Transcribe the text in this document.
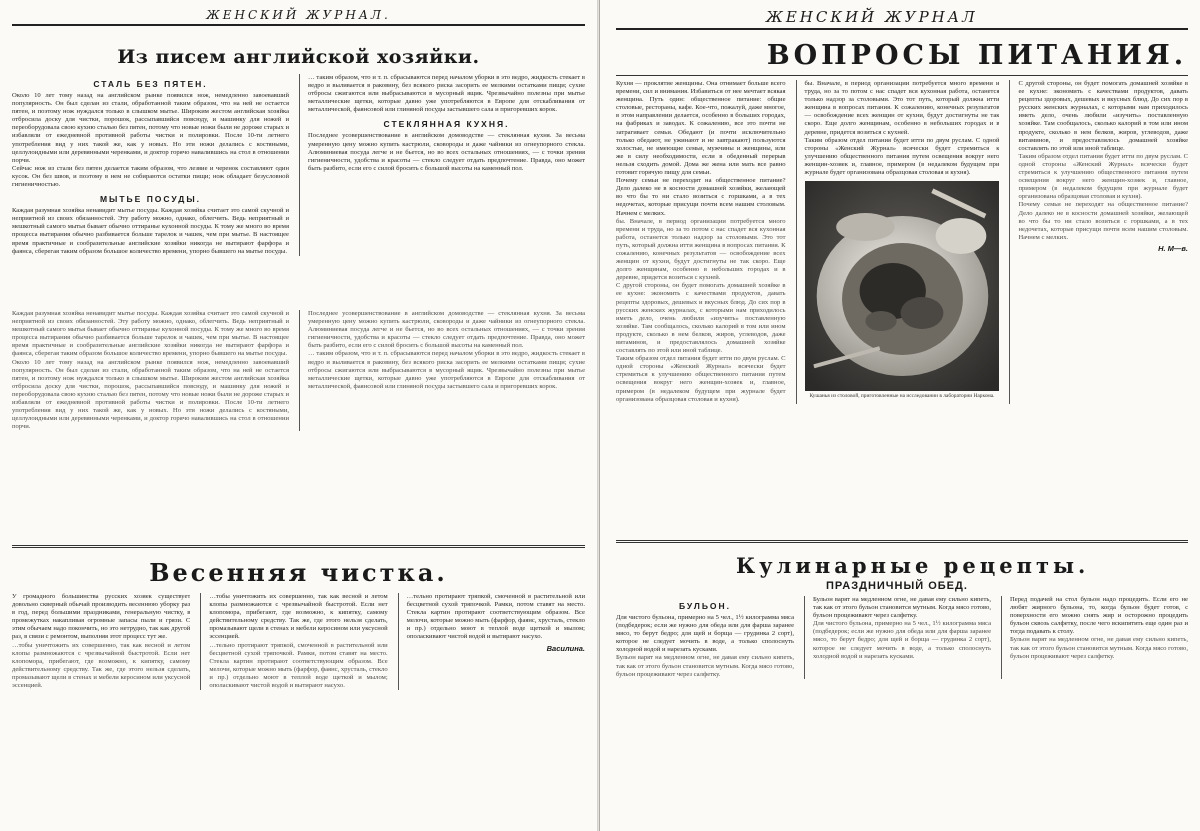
ЖЕНСКИЙ ЖУРНАЛ.
Из писем английской хозяйки.
СТАЛЬ БЕЗ ПЯТЕН.

Около 10 лет тому назад на английском рынке появился нож, немедленно завоевавший популярность. Он был сделан из стали, обработанной таким образом, что на ней не остается пятен, и поэтому нож нуждался только в слышком мытье. Широким жестом английская хозяйка отбросила доску для чистки, порошок, рассыпавшийся повсюду, и машинку для ножей и переоборудовала свою кухню сталью без пятен, потому что новые ножи были не дороже старых и избавляли от ежедневной противной работы чистки и полировки. После 10-ти летнего употребления вид у них такой же, как у новых. Но эти ножи делались с костяными, целлулоидными или деревянными черенками, и доктор горячо навалившись на стол в отношении порчи.

Сейчас нож из стали без пятен делается таким образом, что лезвие и черенок составляют один кусок. Он без швов, и поэтому в нем не собираются остатки пищи; нож обладает безусловной гигиеничностью.

МЫТЬЕ ПОСУДЫ.

Каждая разумная хозяйка ненавидит мытье посуды. Каждая хозяйка считает это самой скучной и неприятной из своих обязанностей. Эту работу можно, однако, облегчить. Ведь неприятный и мешкотный самого мытья бывает обычно оттиранье кухонной посуды. К тому же много во время процесса вытирания обычно разбивается больше тарелок и чашек, чем при мытье. В настоящее время практичные и сообразительные английские хозяйки никогда не вытирают фарфора и фаянса, сберегая таким образом большое количество времени, упорно бывшего на мытье посуды.

… таким образом, что и т. п. сбрасываются перед началом уборки в это ведро, жидкость стекает в ведро и выливается в раковину, без всякого риска засорить ее мелкими остатками пищи; сухие отбросы сжигаются или выбрасываются в мусорный ящик. Чрезвычайно полезны при мытье металлические щетки, которые давно уже употребляются в Европе для отскабливания от металлической, фаянсовой или глиняной посуды застывшего сала и пригоревших корок.

СТЕКЛЯННАЯ КУХНЯ.

Последнее усовершенствование в английском домоводстве — стеклянная кухня. За весьма умеренную цену можно купить кастрюли, сковороды и даже чайники из огнеупорного стекла. Алюминиевая посуда легче и не бьется, но во всех остальных отношениях, — с точки зрения гигиеничности, удобства и красоты — стекло следует отдать предпочтение. Правда, оно может быть разбито, если его с силой бросить с большой высоты на каменный пол.

Каждая разумная хозяйка ненавидит мытье посуды. Каждая хозяйка считает это самой скучной и неприятной из своих обязанностей. Эту работу можно, однако, облегчить. Ведь неприятный и мешкотный самого мытья бывает обычно оттиранье кухонной посуды. К тому же много во время процесса вытирания обычно разбивается больше тарелок и чашек, чем при мытье. В настоящее время практичные и сообразительные английские хозяйки никогда не вытирают фарфора и фаянса, сберегая таким образом большое количество времени, упорно бывшего на мытье посуды.

Около 10 лет тому назад на английском рынке появился нож, немедленно завоевавший популярность. Он был сделан из стали, обработанной таким образом, что на ней не остается пятен, и поэтому нож нуждался только в слышком мытье. Широким жестом английская хозяйка отбросила доску для чистки, порошок, рассыпавшийся повсюду, и машинку для ножей и переоборудовала свою кухню сталью без пятен, потому что новые ножи были не дороже старых и избавляли от ежедневной противной работы чистки и полировки. После 10-ти летнего употребления вид у них такой же, как у новых. Но эти ножи делались с костяными, целлулоидными или деревянными черенками, и доктор горячо навалившись на стол в отношении порчи.

Последнее усовершенствование в английском домоводстве — стеклянная кухня. За весьма умеренную цену можно купить кастрюли, сковороды и даже чайники из огнеупорного стекла. Алюминиевая посуда легче и не бьется, но во всех остальных отношениях, — с точки зрения гигиеничности, удобства и красоты — стекло следует отдать предпочтение. Правда, оно может быть разбито, если его с силой бросить с большой высоты на каменный пол.

… таким образом, что и т. п. сбрасываются перед началом уборки в это ведро, жидкость стекает в ведро и выливается в раковину, без всякого риска засорить ее мелкими остатками пищи; сухие отбросы сжигаются или выбрасываются в мусорный ящик. Чрезвычайно полезны при мытье металлические щетки, которые давно уже употребляются в Европе для отскабливания от металлической, фаянсовой или глиняной посуды застывшего сала и пригоревших корок.

Весенняя чистка.

У громадного большинства русских хозяек существует довольно скверный обычай производить весеннюю уборку раз в год, перед большими праздниками, генеральную чистку, в промежутках накапливая огромные запасы пыли и грязи. С этим обычаем надо покончить, но это нетрудно, так как другой раз, в связи с ремонтом, выполняя этот процесс тут же.

…тобы уничтожить их совершенно, так как весной и летом клопы размножаются с чрезвычайной быстротой. Если нет клопомора, прибегают, где возможно, к кипятку, самому действительному средству. Так же, где этого нельзя сделать, промазывают щели в стенах и мебели керосином или уксусной эссенцией.

…тобы уничтожить их совершенно, так как весной и летом клопы размножаются с чрезвычайной быстротой. Если нет клопомора, прибегают, где возможно, к кипятку, самому действительному средству. Так же, где этого нельзя сделать, промазывают щели в стенах и мебели керосином или уксусной эссенцией.

…тельно протирают тряпкой, смоченной в растительной или бесцветной сухой тряпочкой. Рамки, потом ставят на место. Стекла картин протирают соответствующим образом. Все мелочи, которые можно мыть (фарфор, фаянс, хрусталь, стекло и пр.) отдельно моют в теплой воде щеткой и мылом; ополаскивают чистой водой и вытирают насухо.

…тельно протирают тряпкой, смоченной в растительной или бесцветной сухой тряпочкой. Рамки, потом ставят на место. Стекла картин протирают соответствующим образом. Все мелочи, которые можно мыть (фарфор, фаянс, хрусталь, стекло и пр.) отдельно моют в теплой воде щеткой и мылом; ополаскивают чистой водой и вытирают насухо.

Василина.
ЖЕНСКИЙ ЖУРНАЛ
ВОПРОСЫ ПИТАНИЯ.

Кухня — проклятие женщины. Она отнимает больше всего времени, сил и внимания. Избавиться от нее мечтает всякая женщина. Путь один: общественное питание: общие столовые, рестораны, кафе. Кое-что, пожалуй, даже многое, в этом направлении делается, особенно в больших городах, на фабриках и заводах. К сожалению, все это почти не затрагивает семьи. Обедают (и почти исключительно только обедают, не ужинают и не завтракают) пользуются холостые, не имеющие семьи, мужчины и женщины, или же в силу необходимости, если в обеденный перерыв нельзя сходить домой. Дома же жена или мать все равно готовит горячую пищу для семьи.

Почему семьи не переходят на общественное питание? Дело далеко не в косности домашней хозяйки, желающей во что бы то ни стало возиться с горшками, а в тех недочетах, которые присущи почти всем нашим столовым. Начнем с мелких.

бы. Вначале, в период организации потребуется много времени и труда, но за то потом с нас спадет вся кухонная работа, останется только надзор за столовыми. Это тот путь, который должна итти женщина в вопросах питания. К сожалению, конечных результатов — освобождение всех женщин от кухни, будут достигнуты не так скоро. Еще долго женщинам, особенно в небольших городах и в деревне, придется возиться с кухней.

С другой стороны, он будет помогать домашней хозяйке в ее кухне: экономить с качествами продуктов, давать рецепты здоровых, дешевых и вкусных блюд. До сих пор в русских женских журналах, с которыми нам приходилось иметь дело, очень любили «изучить» поставленную хозяйке. Там сообщалось, сколько калорий в том или ином продукте, сколько в нем белков, жиров, углеводов, даже витаминов, и предоставлялось домашней хозяйке составлять по этой или иной таблице.

Таким образом отдел питания будет итти по двум руслам. С одной стороны «Женский Журнал» всячески будет стремиться к улучшению общественного питания путем освещения вокруг него женщин-хозяек и, главное, примером (в недалеком будущем при журнале будет организована образцовая столовая и кухня).

бы. Вначале, в период организации потребуется много времени и труда, но за то потом с нас спадет вся кухонная работа, останется только надзор за столовыми. Это тот путь, который должна итти женщина в вопросах питания. К сожалению, конечных результатов — освобождение всех женщин от кухни, будут достигнуты не так скоро. Еще долго женщинам, особенно в небольших городах и в деревне, придется возиться с кухней.

Таким образом отдел питания будет итти по двум руслам. С одной стороны «Женский Журнал» всячески будет стремиться к улучшению общественного питания путем освещения вокруг него женщин-хозяек и, главное, примером (в недалеком будущем при журнале будет организована образцовая столовая и кухня).

Кушанья из столовой, приготовленные на исследовании в лаборатории Наркома.

С другой стороны, он будет помогать домашней хозяйке в ее кухне: экономить с качествами продуктов, давать рецепты здоровых, дешевых и вкусных блюд. До сих пор в русских женских журналах, с которыми нам приходилось иметь дело, очень любили «изучить» поставленную хозяйке. Там сообщалось, сколько калорий в том или ином продукте, сколько в нем белков, жиров, углеводов, даже витаминов, и предоставлялось домашней хозяйке составлять по этой или иной таблице.

Таким образом отдел питания будет итти по двум руслам. С одной стороны «Женский Журнал» всячески будет стремиться к улучшению общественного питания путем освещения вокруг него женщин-хозяек и, главное, примером (в недалеком будущем при журнале будет организована образцовая столовая и кухня).

Почему семьи не переходят на общественное питание? Дело далеко не в косности домашней хозяйки, желающей во что бы то ни стало возиться с горшками, а в тех недочетах, которые присущи почти всем нашим столовым. Начнем с мелких.

Н. М—в.
Кулинарные рецепты.
ПРАЗДНИЧНЫЙ ОБЕД.
БУЛЬОН.

Для чистого бульона, примерно на 5 чел., 1½ килограмма мяса (подбедерок; если же нужно для обеда или для фарша заранее мясо, то берут бедро; для щей и борща — грудинка 2 сорт), которое не следует мочить в воде, а только сполоснуть холодной водой и нарезать кусками.

Бульон варят на медленном огне, не давая ему сильно кипеть, так как от этого бульон становится мутным. Когда мясо готово, бульон процеживают через салфетку.

Бульон варят на медленном огне, не давая ему сильно кипеть, так как от этого бульон становится мутным. Когда мясо готово, бульон процеживают через салфетку.

Для чистого бульона, примерно на 5 чел., 1½ килограмма мяса (подбедерок; если же нужно для обеда или для фарша заранее мясо, то берут бедро; для щей и борща — грудинка 2 сорт), которое не следует мочить в воде, а только сполоснуть холодной водой и нарезать кусками.

Перед подачей на стол бульон надо процедить. Если его не любят жирного бульона, то, когда бульон будет готов, с поверхности его можно снять жир и осторожно процедить бульон сквозь салфетку, после чего вскипятить еще один раз и тогда подавать к столу.

Бульон варят на медленном огне, не давая ему сильно кипеть, так как от этого бульон становится мутным. Когда мясо готово, бульон процеживают через салфетку.
